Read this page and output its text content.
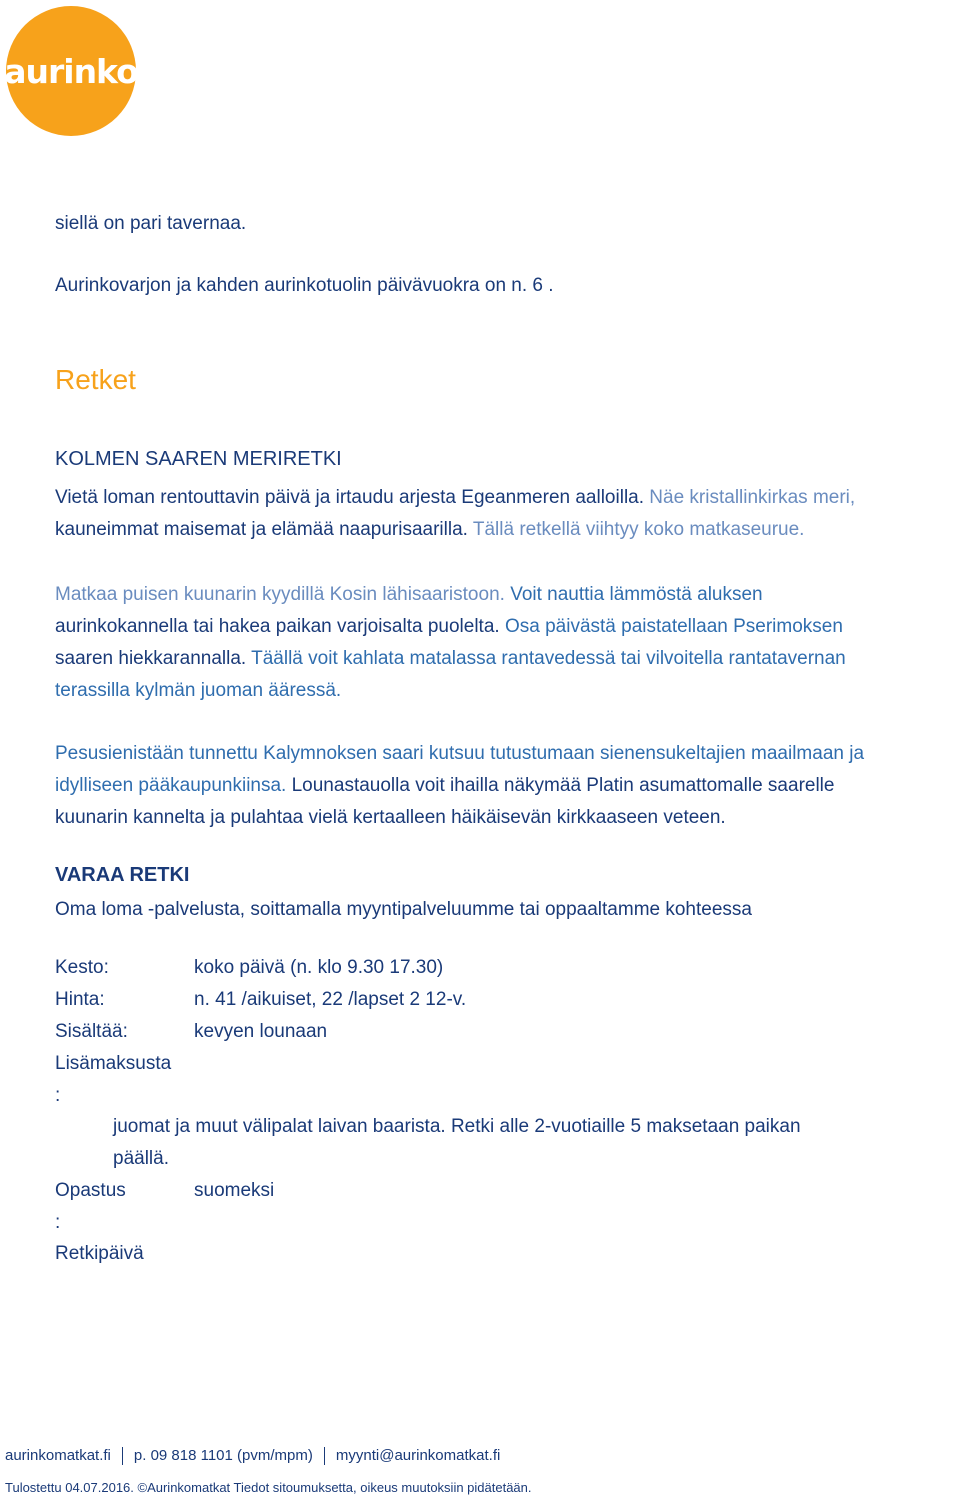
aurinko
siellä on pari tavernaa.
Aurinkovarjon ja kahden aurinkotuolin päivävuokra on n. 6 .
Retket
KOLMEN SAAREN MERIRETKI
Vietä loman rentouttavin päivä ja irtaudu arjesta Egeanmeren aalloilla. Näe kristallinkirkas meri,
kauneimmat maisemat ja elämää naapurisaarilla. Tällä retkellä viihtyy koko matkaseurue.
Matkaa puisen kuunarin kyydillä Kosin lähisaaristoon. Voit nauttia lämmöstä aluksen
aurinkokannella tai hakea paikan varjoisalta puolelta. Osa päivästä paistatellaan Pserimoksen
saaren hiekkarannalla. Täällä voit kahlata matalassa rantavedessä tai vilvoitella rantatavernan
terassilla kylmän juoman ääressä.
Pesusienistään tunnettu Kalymnoksen saari kutsuu tutustumaan sienensukeltajien maailmaan ja
idylliseen pääkaupunkiinsa. Lounastauolla voit ihailla näkymää Platin asumattomalle saarelle
kuunarin kannelta ja pulahtaa vielä kertaalleen häikäisevän kirkkaaseen veteen.
VARAA RETKI
Oma loma -palvelusta, soittamalla myyntipalveluumme tai oppaaltamme kohteessa
Kesto:	koko päivä (n. klo 9.30 17.30)
Hinta:	n. 41 /aikuiset, 22 /lapset 2 12-v.
Sisältää:	kevyen lounaan
Lisämaksusta
:
juomat ja muut välipalat laivan baarista. Retki alle 2-vuotiaille 5 maksetaan paikan
päällä.
Opastus	suomeksi
:
Retkipäivä
aurinkomatkat.fi p. 09 818 1101 (pvm/mpm) myynti@aurinkomatkat.fi
Tulostettu 04.07.2016. ©Aurinkomatkat Tiedot sitoumuksetta, oikeus muutoksiin pidätetään.
